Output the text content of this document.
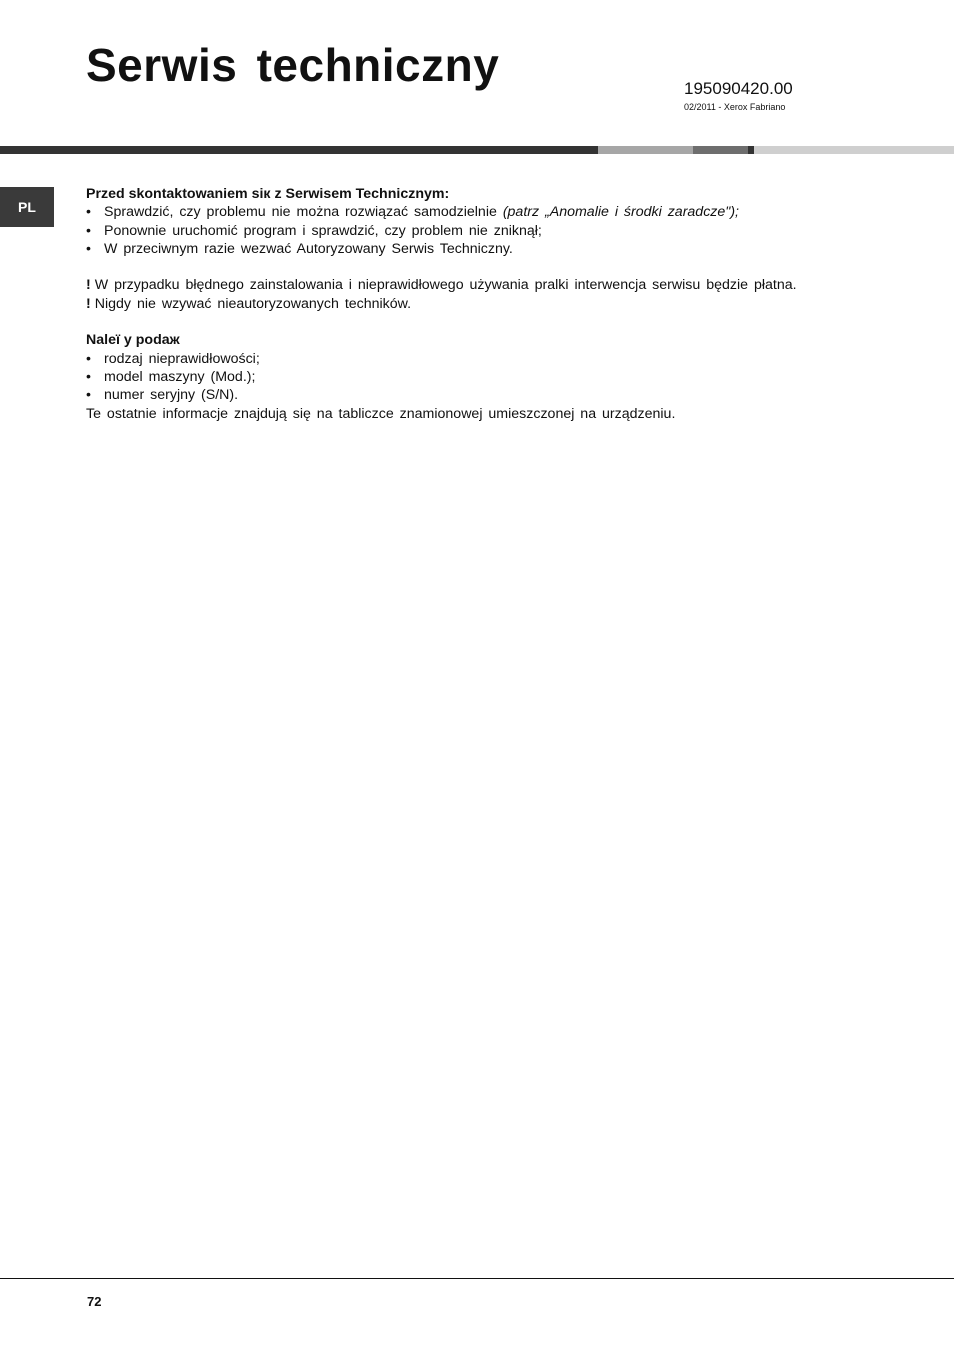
Serwis techniczny	195090420.00
02/2011 - Xerox Fabriano
PL

Przed skontaktowaniem siк z Serwisem Technicznym:

• Sprawdzić, czy problemu nie można rozwiązać samodzielnie (patrz „Anomalie i środki zaradcze");

• Ponownie uruchomić program i sprawdzić, czy problem nie zniknął;

• W przeciwnym razie wezwać Autoryzowany Serwis Techniczny.

! W przypadku błędnego zainstalowania i nieprawidłowego używania pralki interwencja serwisu będzie płatna.

! Nigdy nie wzywać nieautoryzowanych techników.

Naleї y podaж

• rodzaj nieprawidłowości;

• model maszyny (Mod.);

• numer seryjny (S/N).

Te ostatnie informacje znajdują się na tabliczce znamionowej umieszczonej na urządzeniu.

72
